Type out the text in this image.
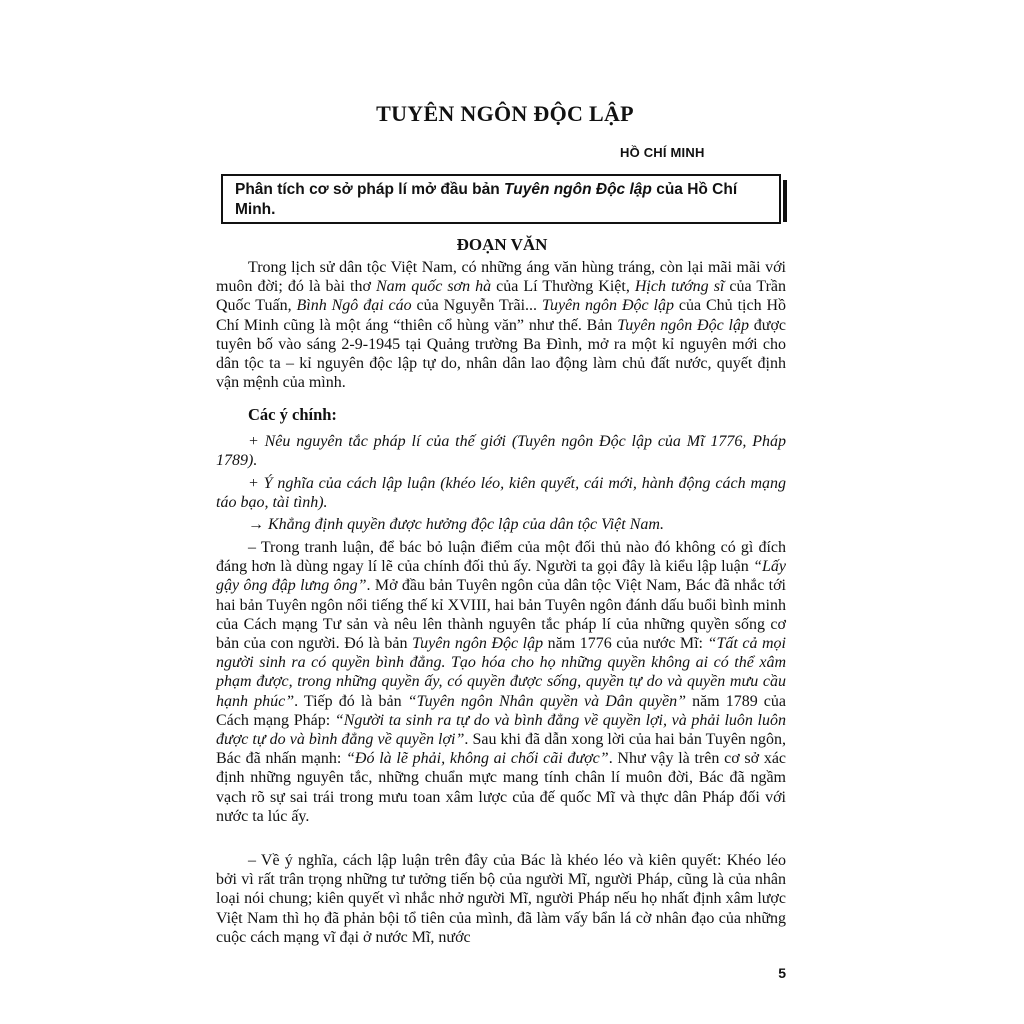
TUYÊN NGÔN ĐỘC LẬP

HỒ CHÍ MINH

Phân tích cơ sở pháp lí mở đầu bản Tuyên ngôn Độc lập của Hồ Chí Minh.
ĐOẠN VĂN

Trong lịch sử dân tộc Việt Nam, có những áng văn hùng tráng, còn lại mãi mãi với muôn đời; đó là bài thơ Nam quốc sơn hà của Lí Thường Kiệt, Hịch tướng sĩ của Trần Quốc Tuấn, Bình Ngô đại cáo của Nguyễn Trãi... Tuyên ngôn Độc lập của Chủ tịch Hồ Chí Minh cũng là một áng “thiên cổ hùng văn” như thế. Bản Tuyên ngôn Độc lập được tuyên bố vào sáng 2-9-1945 tại Quảng trường Ba Đình, mở ra một kỉ nguyên mới cho dân tộc ta – kỉ nguyên độc lập tự do, nhân dân lao động làm chủ đất nước, quyết định vận mệnh của mình.

Các ý chính:

+ Nêu nguyên tắc pháp lí của thế giới (Tuyên ngôn Độc lập của Mĩ 1776, Pháp 1789).

+ Ý nghĩa của cách lập luận (khéo léo, kiên quyết, cái mới, hành động cách mạng táo bạo, tài tình).

→ Khẳng định quyền được hưởng độc lập của dân tộc Việt Nam.

– Trong tranh luận, để bác bỏ luận điểm của một đối thủ nào đó không có gì đích đáng hơn là dùng ngay lí lẽ của chính đối thủ ấy. Người ta gọi đây là kiểu lập luận “Lấy gậy ông đập lưng ông”. Mở đầu bản Tuyên ngôn của dân tộc Việt Nam, Bác đã nhắc tới hai bản Tuyên ngôn nổi tiếng thế kỉ XVIII, hai bản Tuyên ngôn đánh dấu buổi bình minh của Cách mạng Tư sản và nêu lên thành nguyên tắc pháp lí của những quyền sống cơ bản của con người. Đó là bản Tuyên ngôn Độc lập năm 1776 của nước Mĩ: “Tất cả mọi người sinh ra có quyền bình đẳng. Tạo hóa cho họ những quyền không ai có thể xâm phạm được, trong những quyền ấy, có quyền được sống, quyền tự do và quyền mưu cầu hạnh phúc”. Tiếp đó là bản “Tuyên ngôn Nhân quyền và Dân quyền” năm 1789 của Cách mạng Pháp: “Người ta sinh ra tự do và bình đẳng về quyền lợi, và phải luôn luôn được tự do và bình đẳng về quyền lợi”. Sau khi đã dẫn xong lời của hai bản Tuyên ngôn, Bác đã nhấn mạnh: “Đó là lẽ phải, không ai chối cãi được”. Như vậy là trên cơ sở xác định những nguyên tắc, những chuẩn mực mang tính chân lí muôn đời, Bác đã ngầm vạch rõ sự sai trái trong mưu toan xâm lược của đế quốc Mĩ và thực dân Pháp đối với nước ta lúc ấy.

– Về ý nghĩa, cách lập luận trên đây của Bác là khéo léo và kiên quyết: Khéo léo bởi vì rất trân trọng những tư tưởng tiến bộ của người Mĩ, người Pháp, cũng là của nhân loại nói chung; kiên quyết vì nhắc nhở người Mĩ, người Pháp nếu họ nhất định xâm lược Việt Nam thì họ đã phản bội tổ tiên của mình, đã làm vấy bẩn lá cờ nhân đạo của những cuộc cách mạng vĩ đại ở nước Mĩ, nước

5
